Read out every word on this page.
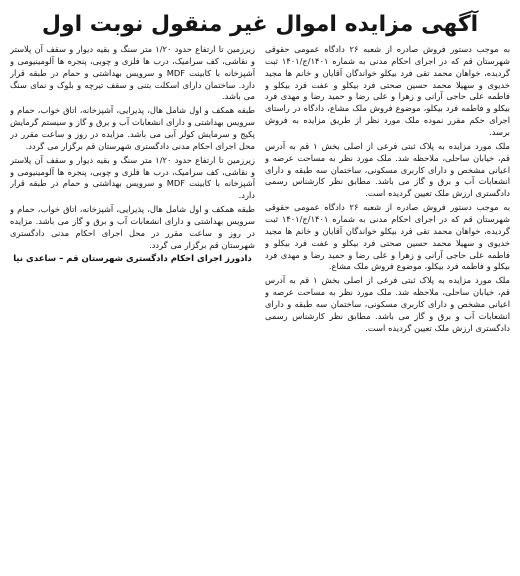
آگهی مزایده اموال غیر منقول نوبت اول

به موجب دستور فروش صادره از شعبه ۲۶ دادگاه عمومی حقوقی شهرستان قم که در اجرای احکام مدنی به شماره ۱۴۰۱/ج/۱۴۰۱ ثبت گردیده، خواهان محمد تقی فرد بیکلو خواندگان آقایان و خانم ها مجید خدیوی و سهیلا محمد حسین صحتی فرد بیکلو و عفت فرد بیکلو و فاطمه علی حاجی آرانی و زهرا و علی رضا و حمید رضا و مهدی فرد بیکلو و فاطمه فرد بیکلو، موضوع فروش ملک مشاع، دادگاه در راستای اجرای حکم مقرر نموده ملک مورد نظر از طریق مزایده به فروش برسد.

ملک مورد مزایده به پلاک ثبتی فرعی از اصلی بخش ۱ قم به آدرس قم، خیابان ساحلی، ملاحظه شد. ملک مورد نظر به مساحت عرصه و اعیانی مشخص و دارای کاربری مسکونی، ساختمان سه طبقه و دارای انشعابات آب و برق و گاز می باشد. مطابق نظر کارشناس رسمی دادگستری ارزش ملک تعیین گردیده است.

به موجب دستور فروش صادره از شعبه ۲۶ دادگاه عمومی حقوقی شهرستان قم که در اجرای احکام مدنی به شماره ۱۴۰۱/ج/۱۴۰۱ ثبت گردیده، خواهان محمد تقی فرد بیکلو خواندگان آقایان و خانم ها مجید خدیوی و سهیلا محمد حسین صحتی فرد بیکلو و عفت فرد بیکلو و فاطمه علی حاجی آرانی و زهرا و علی رضا و حمید رضا و مهدی فرد بیکلو و فاطمه فرد بیکلو، موضوع فروش ملک مشاع.

ملک مورد مزایده به پلاک ثبتی فرعی از اصلی بخش ۱ قم به آدرس قم، خیابان ساحلی، ملاحظه شد. ملک مورد نظر به مساحت عرصه و اعیانی مشخص و دارای کاربری مسکونی، ساختمان سه طبقه و دارای انشعابات آب و برق و گاز می باشد. مطابق نظر کارشناس رسمی دادگستری ارزش ملک تعیین گردیده است.

زیرزمین تا ارتفاع حدود ۱/۲۰ متر سنگ و بقیه دیوار و سقف آن پلاستر و نقاشی، کف سرامیک، درب ها فلزی و چوبی، پنجره ها آلومینیومی و آشپزخانه با کابینت MDF و سرویس بهداشتی و حمام در طبقه قرار دارد. ساختمان دارای اسکلت بتنی و سقف تیرچه و بلوک و نمای سنگ می باشد.

طبقه همکف و اول شامل هال، پذیرایی، آشپزخانه، اتاق خواب، حمام و سرویس بهداشتی و دارای انشعابات آب و برق و گاز و سیستم گرمایش پکیج و سرمایش کولر آبی می باشد. مزایده در روز و ساعت مقرر در محل اجرای احکام مدنی دادگستری شهرستان قم برگزار می گردد.

زیرزمین تا ارتفاع حدود ۱/۲۰ متر سنگ و بقیه دیوار و سقف آن پلاستر و نقاشی، کف سرامیک، درب ها فلزی و چوبی، پنجره ها آلومینیومی و آشپزخانه با کابینت MDF و سرویس بهداشتی و حمام در طبقه قرار دارد.

طبقه همکف و اول شامل هال، پذیرایی، آشپزخانه، اتاق خواب، حمام و سرویس بهداشتی و دارای انشعابات آب و برق و گاز می باشد. مزایده در روز و ساعت مقرر در محل اجرای احکام مدنی دادگستری شهرستان قم برگزار می گردد.

دادورز اجرای احکام دادگستری شهرستان قم – ساعدی نیا
